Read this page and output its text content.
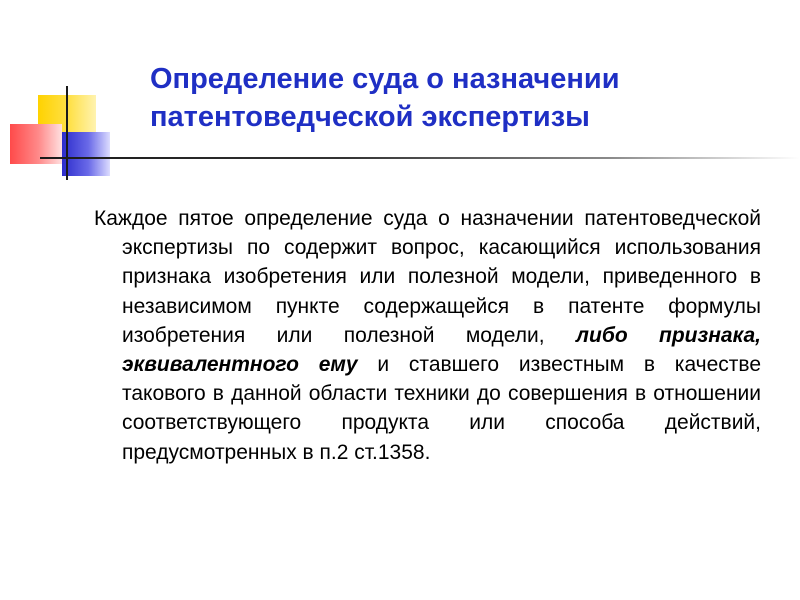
Определение суда о назначении патентоведческой экспертизы

Каждое пятое определение суда о назначении патентоведческой экспертизы по содержит вопрос, касающийся использования признака изобретения или полезной модели, приведенного в независимом пункте содержащейся в патенте формулы изобретения или полезной модели, либо признака, эквивалентного ему и ставшего известным в качестве такового в данной области техники до совершения в отношении соответствующего продукта или способа действий, предусмотренных в п.2 ст.1358.
